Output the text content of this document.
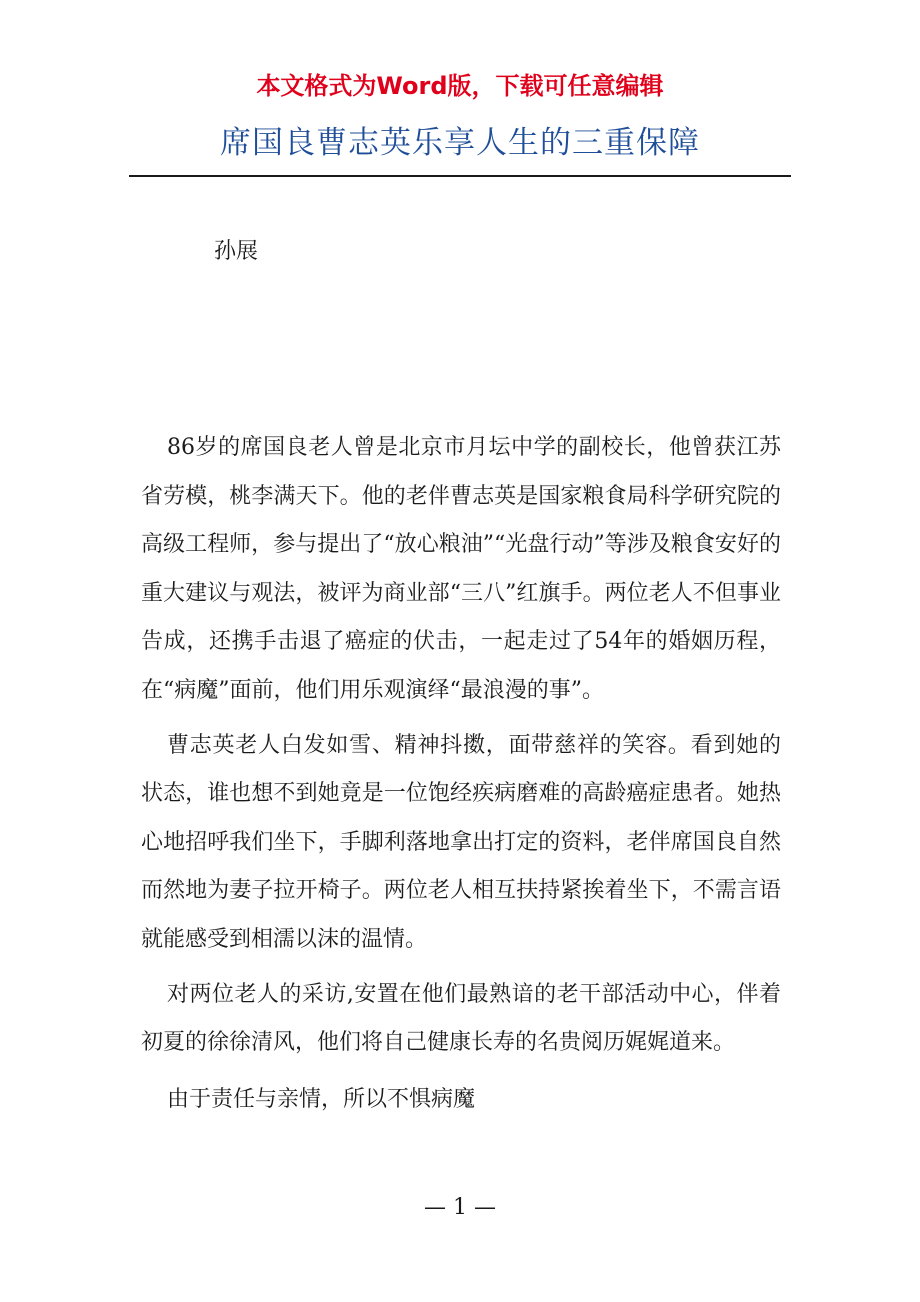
本文格式为Word版，下载可任意编辑
席国良曹志英乐享人生的三重保障
孙展

86岁的席国良老人曾是北京市月坛中学的副校长，他曾获江苏省劳模，桃李满天下。他的老伴曹志英是国家粮食局科学研究院的高级工程师，参与提出了“放心粮油”“光盘行动”等涉及粮食安好的重大建议与观法，被评为商业部“三八”红旗手。两位老人不但事业告成，还携手击退了癌症的伏击，一起走过了54年的婚姻历程，在“病魔”面前，他们用乐观演绎“最浪漫的事”。

曹志英老人白发如雪、精神抖擞，面带慈祥的笑容。看到她的状态，谁也想不到她竟是一位饱经疾病磨难的高龄癌症患者。她热心地招呼我们坐下，手脚利落地拿出打定的资料，老伴席国良自然而然地为妻子拉开椅子。两位老人相互扶持紧挨着坐下，不需言语就能感受到相濡以沫的温情。

对两位老人的采访,安置在他们最熟谙的老干部活动中心，伴着初夏的徐徐清风，他们将自己健康长寿的名贵阅历娓娓道来。

由于责任与亲情，所以不惧病魔

— 1 —
